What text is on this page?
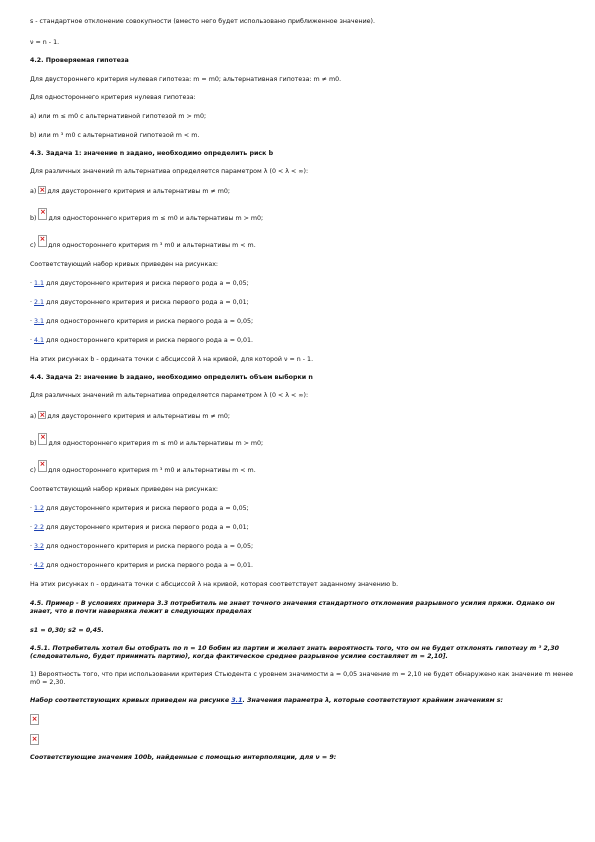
s - стандартное отклонение совокупности (вместо него будет использовано приближенное значение).

ν = n - 1.

4.2. Проверяемая гипотеза

Для двустороннего критерия нулевая гипотеза: m = m0; альтернативная гипотеза: m ≠ m0.

Для одностороннего критерия нулевая гипотеза:

а) или m ≤ m0 с альтернативной гипотезой m > m0;

b) или m ³ m0 с альтернативной гипотезой m < m.

4.3. Задача 1: значение n задано, необходимо определить риск b

Для различных значений m альтернатива определяется параметром λ (0 < λ < ∞):

a) × для двустороннего критерия и альтернативы m ≠ m0;

b)
×
для одностороннего критерия m ≤ m0 и альтернативы m > m0;

c)
×
для одностороннего критерия m ³ m0 и альтернативы m < m.

Соответствующий набор кривых приведен на рисунках:

· 1.1 для двустороннего критерия и риска первого рода a = 0,05;

· 2.1 для двустороннего критерия и риска первого рода a = 0,01;

· 3.1 для одностороннего критерия и риска первого рода a = 0,05;

· 4.1 для одностороннего критерия и риска первого рода a = 0,01.

На этих рисунках b - ордината точки с абсциссой λ на кривой, для которой ν = n - 1.

4.4. Задача 2: значение b задано, необходимо определить объем выборки n

Для различных значений m альтернатива определяется параметром λ (0 < λ < ∞):

a) × для двустороннего критерия и альтернативы m ≠ m0;

b)
×
для одностороннего критерия m ≤ m0 и альтернативы m > m0;

c)
×
для одностороннего критерия m ³ m0 и альтернативы m < m.

Соответствующий набор кривых приведен на рисунках:

· 1.2 для двустороннего критерия и риска первого рода a = 0,05;

· 2.2 для двустороннего критерия и риска первого рода a = 0,01;

· 3.2 для одностороннего критерия и риска первого рода a = 0,05;

· 4.2 для одностороннего критерия и риска первого рода a = 0,01.

На этих рисунках n - ордината точки с абсциссой λ на кривой, которая соответствует заданному значению b.

4.5. Пример - В условиях примера 3.3 потребитель не знает точного значения стандартного отклонения разрывного усилия пряжи. Однако он знает, что в почти наверняка лежит в следующих пределах

s1 = 0,30; s2 = 0,45.

4.5.1. Потребитель хотел бы отобрать по n = 10 бобин из партии и желает знать вероятность того, что он не будет отклонять гипотезу m ³ 2,30 (следовательно, будет принимать партию), когда фактическое среднее разрывное усилие составляет m = 2,10].

1) Вероятность того, что при использовании критерия Стьюдента с уровнем значимости a = 0,05 значение m = 2,10 не будет обнаружено как значение m менее m0 = 2,30.

Набор соответствующих кривых приведен на рисунке 3.1. Значения параметра λ, которые соответствуют крайним значениям s:

×
×

Соответствующие значения 100b, найденные с помощью интерполяции, для ν = 9:
